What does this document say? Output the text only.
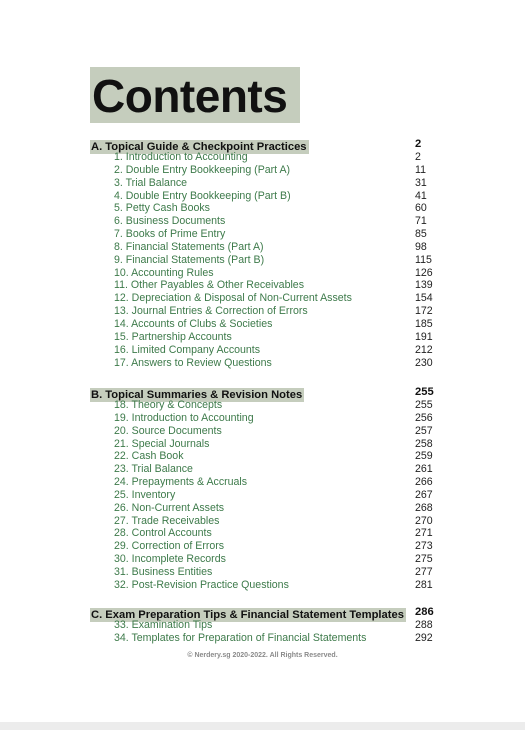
Contents
A. Topical Guide & Checkpoint Practices	2
1. Introduction to Accounting	2
2. Double Entry Bookkeeping (Part A)	11
3. Trial Balance	31
4. Double Entry Bookkeeping (Part B)	41
5. Petty Cash Books	60
6. Business Documents	71
7. Books of Prime Entry	85
8. Financial Statements (Part A)	98
9. Financial Statements (Part B)	115
10. Accounting Rules	126
11. Other Payables & Other Receivables	139
12. Depreciation & Disposal of Non-Current Assets	154
13. Journal Entries & Correction of Errors	172
14. Accounts of Clubs & Societies	185
15. Partnership Accounts	191
16. Limited Company Accounts	212
17. Answers to Review Questions	230
B. Topical Summaries & Revision Notes	255
18. Theory & Concepts	255
19. Introduction to Accounting	256
20. Source Documents	257
21. Special Journals	258
22. Cash Book	259
23. Trial Balance	261
24. Prepayments & Accruals	266
25. Inventory	267
26. Non-Current Assets	268
27. Trade Receivables	270
28. Control Accounts	271
29. Correction of Errors	273
30. Incomplete Records	275
31. Business Entities	277
32. Post-Revision Practice Questions	281
C. Exam Preparation Tips & Financial Statement Templates 286
33. Examination Tips	288
34. Templates for Preparation of Financial Statements	292
© Nerdery.sg 2020-2022. All Rights Reserved.
